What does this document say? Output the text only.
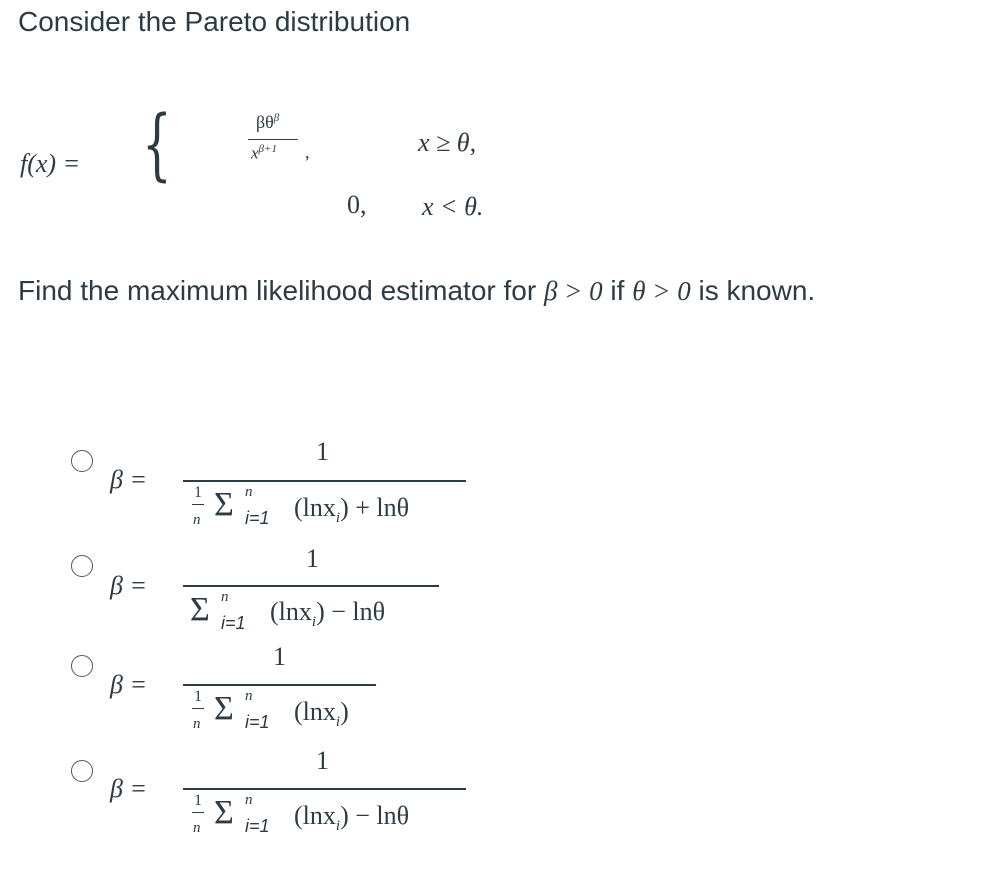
Consider the Pareto distribution
f(x) = {	$\beta\theta^\beta$
$x^{\beta+1}$ ,	x ≥ θ,
0, x < θ.
Find the maximum likelihood estimator for β > 0 if θ > 0 is known.
β =
1
1
n Σ n
i=1 (lnx$_i$) + lnθ
β =
1
Σ n
i=1 (lnx$_i$) − lnθ
β =
1
1
n Σ n
i=1 (lnx$_i$)
β =
1
1
n Σ n
i=1 (lnx$_i$) − lnθ
